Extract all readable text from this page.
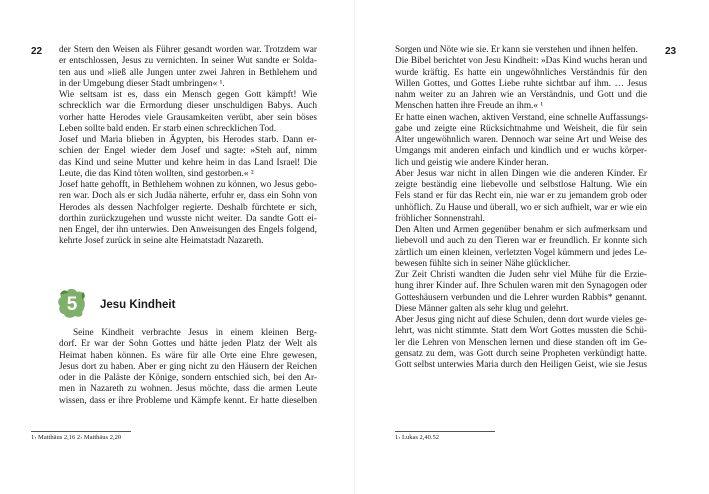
22 der Stern den Weisen als Führer gesandt worden war. Trotzdem war
er entschlossen, Jesus zu vernichten. In seiner Wut sandte er Solda-
ten aus und »ließ alle Jungen unter zwei Jahren in Bethlehem und
in der Umgebung dieser Stadt umbringen« ¹.
Wie seltsam ist es, dass ein Mensch gegen Gott kämpft! Wie
schrecklich war die Ermordung dieser unschuldigen Babys. Auch
vorher hatte Herodes viele Grausamkeiten verübt, aber sein böses
Leben sollte bald enden. Er starb einen schrecklichen Tod.
Josef und Maria blieben in Ägypten, bis Herodes starb. Dann er-
schien der Engel wieder dem Josef und sagte: »Steh auf, nimm
das Kind und seine Mutter und kehre heim in das Land Israel! Die
Leute, die das Kind töten wollten, sind gestorben.« ²
Josef hatte gehofft, in Bethlehem wohnen zu können, wo Jesus gebo-
ren war. Doch als er sich Judäa näherte, erfuhr er, dass ein Sohn von
Herodes als dessen Nachfolger regierte. Deshalb fürchtete er sich,
dorthin zurückzugehen und wusste nicht weiter. Da sandte Gott ei-
nen Engel, der ihn unterwies. Den Anweisungen des Engels folgend,
kehrte Josef zurück in seine alte Heimatstadt Nazareth.
5 Jesu Kindheit
Seine Kindheit verbrachte Jesus in einem kleinen Berg-
dorf. Er war der Sohn Gottes und hätte jeden Platz der Welt als
Heimat haben können. Es wäre für alle Orte eine Ehre gewesen,
Jesus dort zu haben. Aber er ging nicht zu den Häusern der Reichen
oder in die Paläste der Könige, sondern entschied sich, bei den Ar-
men in Nazareth zu wohnen. Jesus möchte, dass die armen Leute
wissen, dass er ihre Probleme und Kämpfe kennt. Er hatte dieselben
1› Matthäus 2,16 2› Matthäus 2,20
23
Sorgen und Nöte wie sie. Er kann sie verstehen und ihnen helfen.
Die Bibel berichtet von Jesu Kindheit: »Das Kind wuchs heran und
wurde kräftig. Es hatte ein ungewöhnliches Verständnis für den
Willen Gottes, und Gottes Liebe ruhte sichtbar auf ihm. … Jesus
nahm weiter zu an Jahren wie an Verständnis, und Gott und die
Menschen hatten ihre Freude an ihm.« ¹
Er hatte einen wachen, aktiven Verstand, eine schnelle Auffassungs-
gabe und zeigte eine Rücksichtnahme und Weisheit, die für sein
Alter ungewöhnlich waren. Dennoch war seine Art und Weise des
Umgangs mit anderen einfach und kindlich und er wuchs körper-
lich und geistig wie andere Kinder heran.
Aber Jesus war nicht in allen Dingen wie die anderen Kinder. Er
zeigte beständig eine liebevolle und selbstlose Haltung. Wie ein
Fels stand er für das Recht ein, nie war er zu jemandem grob oder
unhöflich. Zu Hause und überall, wo er sich aufhielt, war er wie ein
fröhlicher Sonnenstrahl.
Den Alten und Armen gegenüber benahm er sich aufmerksam und
liebevoll und auch zu den Tieren war er freundlich. Er konnte sich
zärtlich um einen kleinen, verletzten Vogel kümmern und jedes Le-
bewesen fühlte sich in seiner Nähe glücklicher.
Zur Zeit Christi wandten die Juden sehr viel Mühe für die Erzie-
hung ihrer Kinder auf. Ihre Schulen waren mit den Synagogen oder
Gotteshäusern verbunden und die Lehrer wurden Rabbis* genannt.
Diese Männer galten als sehr klug und gelehrt.
Aber Jesus ging nicht auf diese Schulen, denn dort wurde vieles ge-
lehrt, was nicht stimmte. Statt dem Wort Gottes mussten die Schü-
ler die Lehren von Menschen lernen und diese standen oft im Ge-
gensatz zu dem, was Gott durch seine Propheten verkündigt hatte.
Gott selbst unterwies Maria durch den Heiligen Geist, wie sie Jesus
1› Lukas 2,40.52
